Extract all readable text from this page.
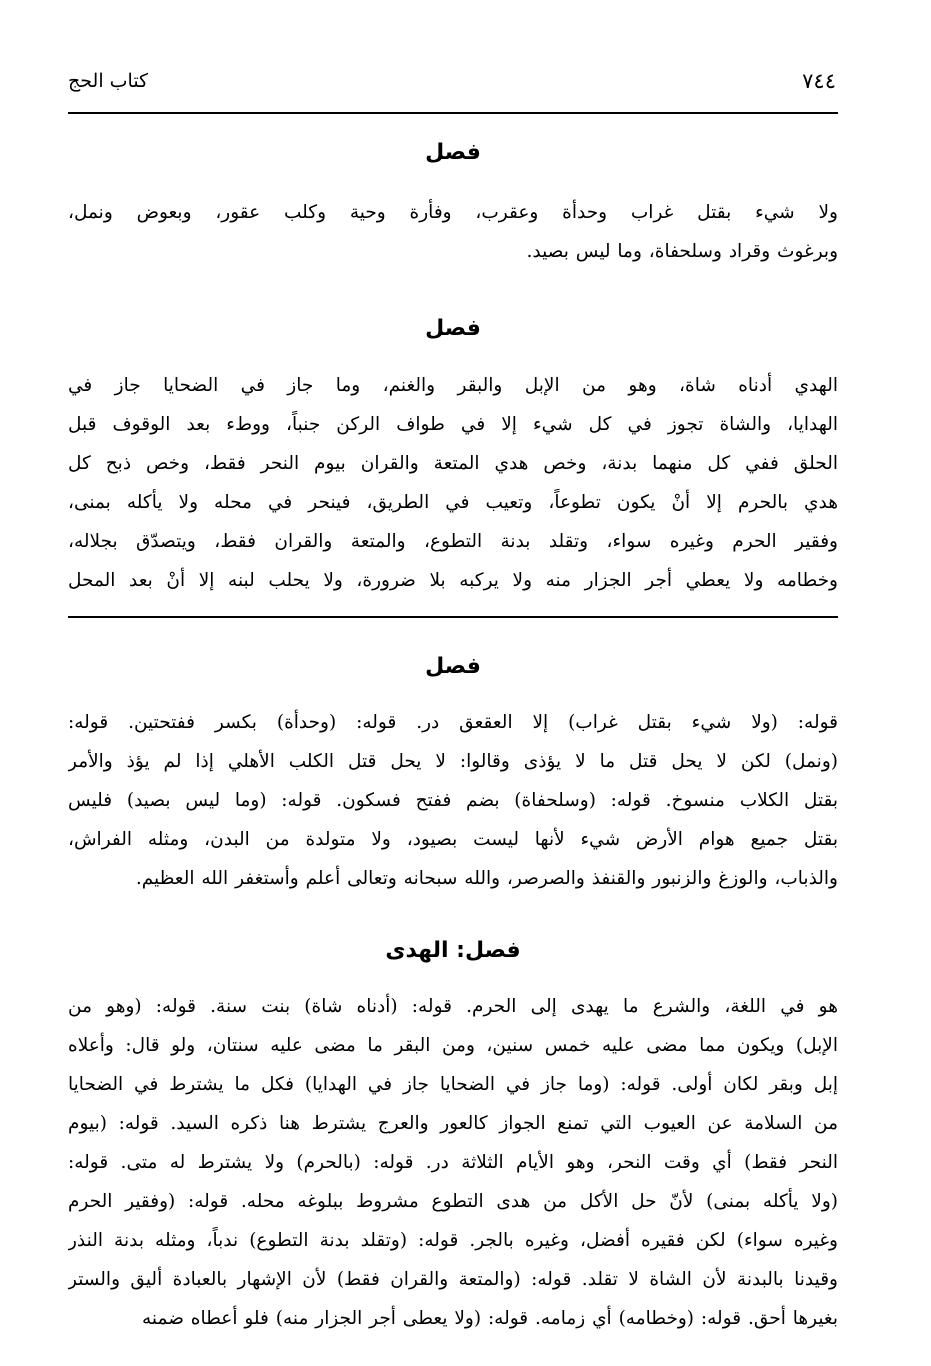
كتاب الحج	٧٤٤
فصل
ولا شيء بقتل غراب وحدأة وعقرب، وفأرة وحية وكلب عقور، وبعوض ونمل،
وبرغوث وقراد وسلحفاة، وما ليس بصيد.
فصل
الهدي أدناه شاة، وهو من الإبل والبقر والغنم، وما جاز في الضحايا جاز في
الهدايا، والشاة تجوز في كل شيء إلا في طواف الركن جنباً، ووطء بعد الوقوف قبل
الحلق ففي كل منهما بدنة، وخص هدي المتعة والقران بيوم النحر فقط، وخص ذبح كل
هدي بالحرم إلا أنْ يكون تطوعاً، وتعيب في الطريق، فينحر في محله ولا يأكله بمنى،
وفقير الحرم وغيره سواء، وتقلد بدنة التطوع، والمتعة والقران فقط، ويتصدّق بجلاله،
وخطامه ولا يعطي أجر الجزار منه ولا يركبه بلا ضرورة، ولا يحلب لبنه إلا أنْ بعد المحل
فصل
قوله: (ولا شيء بقتل غراب) إلا العقعق در. قوله: (وحدأة) بكسر ففتحتين. قوله:
(ونمل) لكن لا يحل قتل ما لا يؤذى وقالوا: لا يحل قتل الكلب الأهلي إذا لم يؤذ والأمر
بقتل الكلاب منسوخ. قوله: (وسلحفاة) بضم ففتح فسكون. قوله: (وما ليس بصيد) فليس
بقتل جميع هوام الأرض شيء لأنها ليست بصيود، ولا متولدة من البدن، ومثله الفراش،
والذباب، والوزغ والزنبور والقنفذ والصرصر، والله سبحانه وتعالى أعلم وأستغفر الله العظيم.
فصل: الهدى
هو في اللغة، والشرع ما يهدى إلى الحرم. قوله: (أدناه شاة) بنت سنة. قوله: (وهو من
الإبل) ويكون مما مضى عليه خمس سنين، ومن البقر ما مضى عليه سنتان، ولو قال: وأعلاه
إبل وبقر لكان أولى. قوله: (وما جاز في الضحايا جاز في الهدايا) فكل ما يشترط في الضحايا
من السلامة عن العيوب التي تمنع الجواز كالعور والعرج يشترط هنا ذكره السيد. قوله: (بيوم
النحر فقط) أي وقت النحر، وهو الأيام الثلاثة در. قوله: (بالحرم) ولا يشترط له متى. قوله:
(ولا يأكله بمنى) لأنّ حل الأكل من هدى التطوع مشروط ببلوغه محله. قوله: (وفقير الحرم
وغيره سواء) لكن فقيره أفضل، وغيره بالجر. قوله: (وتقلد بدنة التطوع) ندباً، ومثله بدنة النذر
وقيدنا بالبدنة لأن الشاة لا تقلد. قوله: (والمتعة والقران فقط) لأن الإشهار بالعبادة أليق والستر
بغيرها أحق. قوله: (وخطامه) أي زمامه. قوله: (ولا يعطى أجر الجزار منه) فلو أعطاه ضمنه
